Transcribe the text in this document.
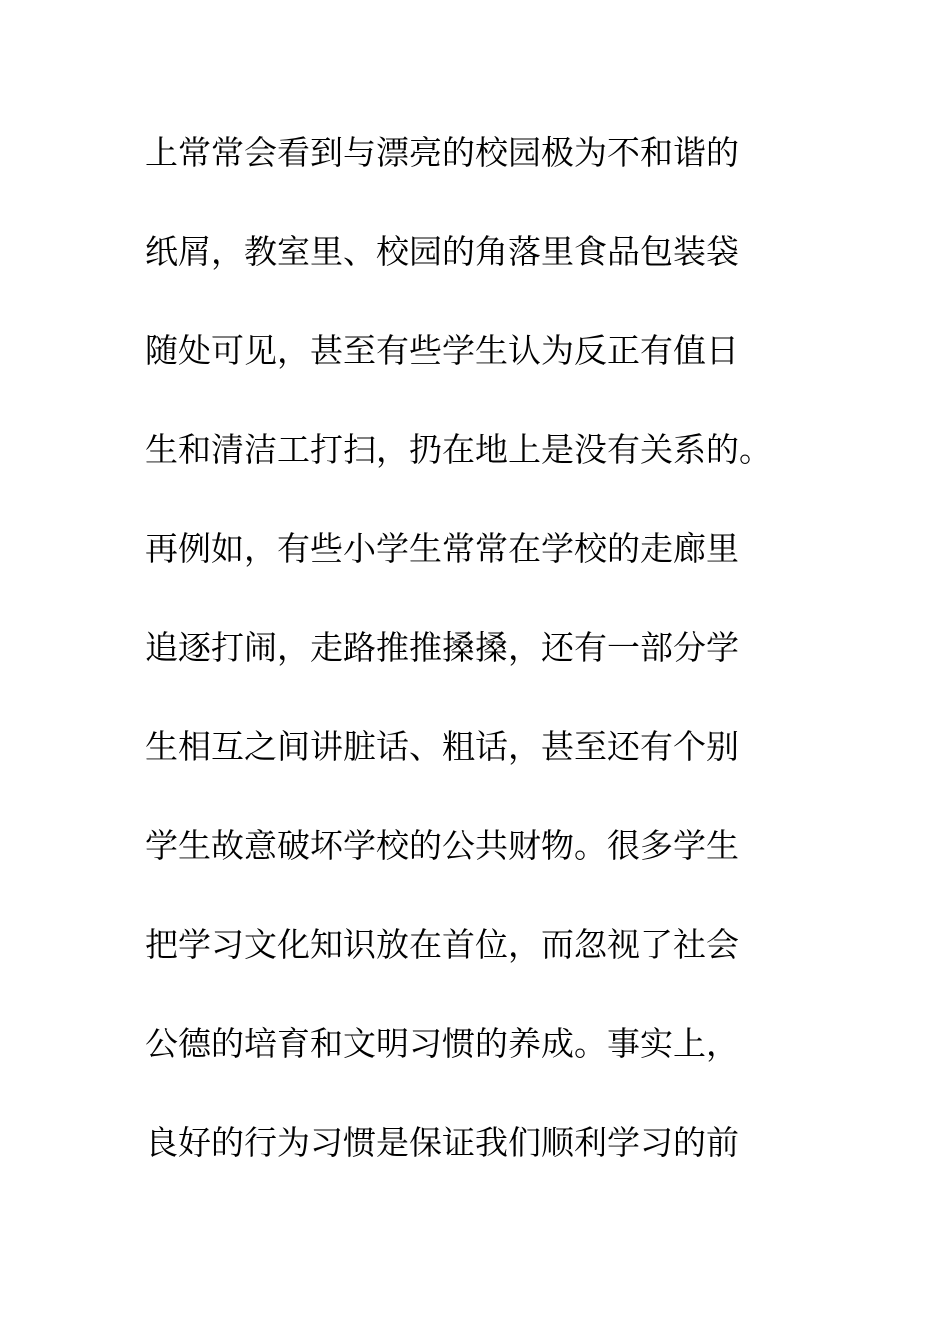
上常常会看到与漂亮的校园极为不和谐的
纸屑，教室里、校园的角落里食品包装袋
随处可见，甚至有些学生认为反正有值日
生和清洁工打扫，扔在地上是没有关系的。
再例如，有些小学生常常在学校的走廊里
追逐打闹，走路推推搡搡，还有一部分学
生相互之间讲脏话、粗话，甚至还有个别
学生故意破坏学校的公共财物。很多学生
把学习文化知识放在首位，而忽视了社会
公德的培育和文明习惯的养成。事实上，
良好的行为习惯是保证我们顺利学习的前
